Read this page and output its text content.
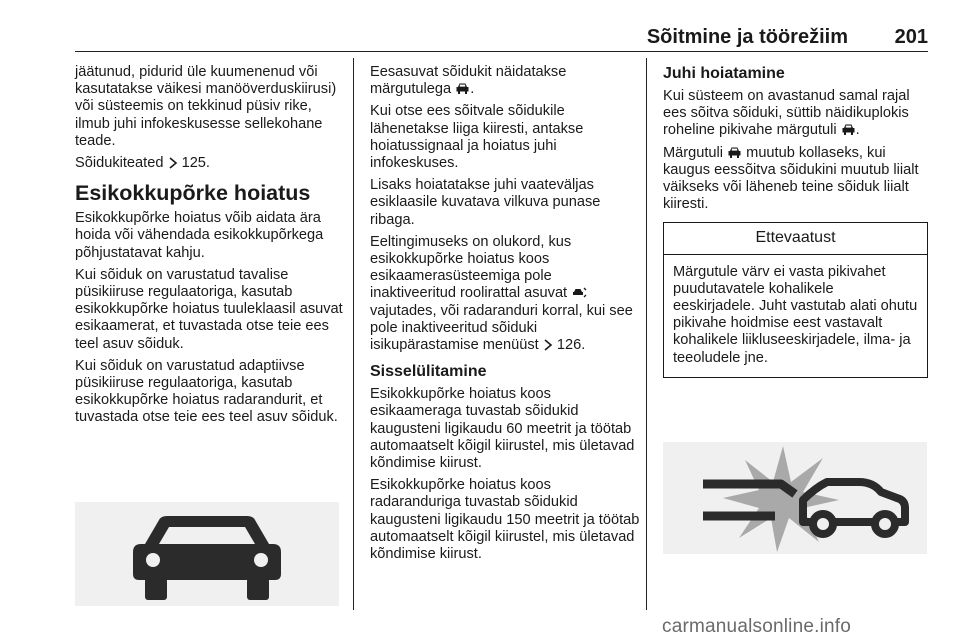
Sõitmine ja töörežiim 201

jäätunud, pidurid üle kuumenenud või kasutatakse väikesi manööverduskiirusi) või süsteemis on tekkinud püsiv rike, ilmub juhi infokeskusesse sellekohane teade.

Sõidukiteated 125.

Esikokkupõrke hoiatus

Esikokkupõrke hoiatus võib aidata ära hoida või vähendada esikokkupõrkega põhjustatavat kahju.

Kui sõiduk on varustatud tavalise püsikiiruse regulaatoriga, kasutab esikokkupõrke hoiatus tuuleklaasil asuvat esikaamerat, et tuvastada otse teie ees teel asuv sõiduk.

Kui sõiduk on varustatud adaptiivse püsikiiruse regulaatoriga, kasutab esikokkupõrke hoiatus radarandurit, et tuvastada otse teie ees teel asuv sõiduk.

Eesasuvat sõidukit näidatakse märgutulega .

Kui otse ees sõitvale sõidukile lähenetakse liiga kiiresti, antakse hoiatussignaal ja hoiatus juhi infokeskuses.

Lisaks hoiatatakse juhi vaateväljas esiklaasile kuvatava vilkuva punase ribaga.

Eeltingimuseks on olukord, kus esikokkupõrke hoiatus koos esikaamerasüsteemiga pole inaktiveeritud roolirattal asuvat  vajutades, või radaranduri korral, kui see pole inaktiveeritud sõiduki isikupärastamise menüüst 126.

Sisselülitamine

Esikokkupõrke hoiatus koos esikaameraga tuvastab sõidukid kaugusteni ligikaudu 60 meetrit ja töötab automaatselt kõigil kiirustel, mis ületavad kõndimise kiirust.

Esikokkupõrke hoiatus koos radaranduriga tuvastab sõidukid kaugusteni ligikaudu 150 meetrit ja töötab automaatselt kõigil kiirustel, mis ületavad kõndimise kiirust.

Juhi hoiatamine

Kui süsteem on avastanud samal rajal ees sõitva sõiduki, süttib näidikuplokis roheline pikivahe märgutuli .

Märgutuli muutub kollaseks, kui kaugus eessõitva sõidukini muutub liialt väikseks või läheneb teine sõiduk liialt kiiresti.

Ettevaatust

Märgutule värv ei vasta pikivahet puudutavatele kohalikele eeskirjadele. Juht vastutab alati ohutu pikivahe hoidmise eest vastavalt kohalikele liikluseeskirjadele, ilma- ja teeoludele jne.

carmanualsonline.info
